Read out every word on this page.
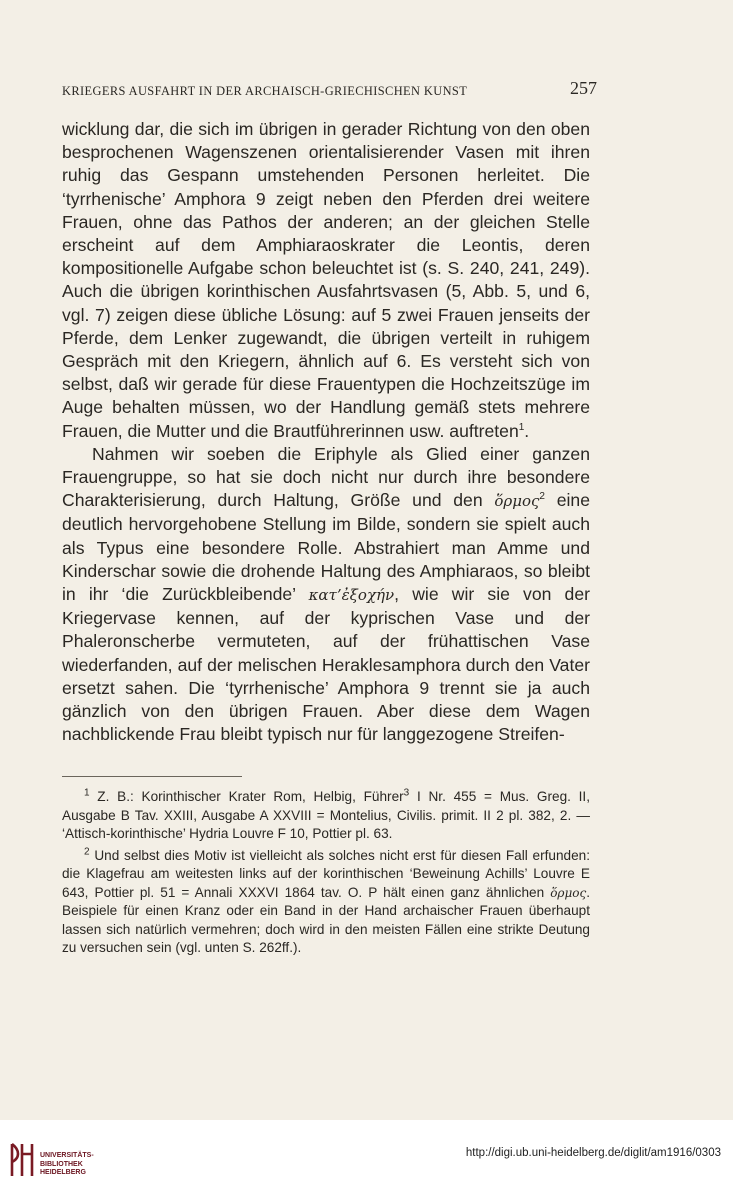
KRIEGERS AUSFAHRT IN DER ARCHAISCH-GRIECHISCHEN KUNST	257

wicklung dar, die sich im übrigen in gerader Richtung von den oben besprochenen Wagenszenen orientalisierender Vasen mit ihren ruhig das Gespann umstehenden Personen herleitet. Die ‘tyrrhenische’ Amphora 9 zeigt neben den Pferden drei weitere Frauen, ohne das Pathos der anderen; an der gleichen Stelle erscheint auf dem Amphiaraoskrater die Leontis, deren kompositionelle Aufgabe schon beleuchtet ist (s. S. 240, 241, 249). Auch die übrigen korinthischen Ausfahrtsvasen (5, Abb. 5, und 6, vgl. 7) zeigen diese übliche Lösung: auf 5 zwei Frauen jenseits der Pferde, dem Lenker zugewandt, die übrigen verteilt in ruhigem Gespräch mit den Kriegern, ähnlich auf 6. Es versteht sich von selbst, daß wir gerade für diese Frauentypen die Hochzeitszüge im Auge behalten müssen, wo der Handlung gemäß stets mehrere Frauen, die Mutter und die Brautführerinnen usw. auftreten$^1$.

Nahmen wir soeben die Eriphyle als Glied einer ganzen Frauengruppe, so hat sie doch nicht nur durch ihre besondere Charakterisierung, durch Haltung, Größe und den ὅρμος$^2$ eine deutlich hervorgehobene Stellung im Bilde, sondern sie spielt auch als Typus eine besondere Rolle. Abstrahiert man Amme und Kinderschar sowie die drohende Haltung des Amphiaraos, so bleibt in ihr ‘die Zurückbleibende’ κατ’ἐξοχήν, wie wir sie von der Kriegervase kennen, auf der kyprischen Vase und der Phaleronscherbe vermuteten, auf der frühattischen Vase wiederfanden, auf der melischen Heraklesamphora durch den Vater ersetzt sahen. Die ‘tyrrhenische’ Amphora 9 trennt sie ja auch gänzlich von den übrigen Frauen. Aber diese dem Wagen nachblickende Frau bleibt typisch nur für langgezogene Streifen-

$^1$ Z. B.: Korinthischer Krater Rom, Helbig, Führer$^3$ I Nr. 455 = Mus. Greg. II, Ausgabe B Tav. XXIII, Ausgabe A XXVIII = Montelius, Civilis. primit. II 2 pl. 382, 2. — ‘Attisch-korinthische’ Hydria Louvre F 10, Pottier pl. 63.

$^2$ Und selbst dies Motiv ist vielleicht als solches nicht erst für diesen Fall erfunden: die Klagefrau am weitesten links auf der korinthischen ‘Beweinung Achills’ Louvre E 643, Pottier pl. 51 = Annali XXXVI 1864 tav. O. P hält einen ganz ähnlichen ὅρμος. Beispiele für einen Kranz oder ein Band in der Hand archaischer Frauen überhaupt lassen sich natürlich vermehren; doch wird in den meisten Fällen eine strikte Deutung zu versuchen sein (vgl. unten S. 262ff.).

UNIVERSITÄTS-
BIBLIOTHEK
HEIDELBERG
http://digi.ub.uni-heidelberg.de/diglit/am1916/0303
